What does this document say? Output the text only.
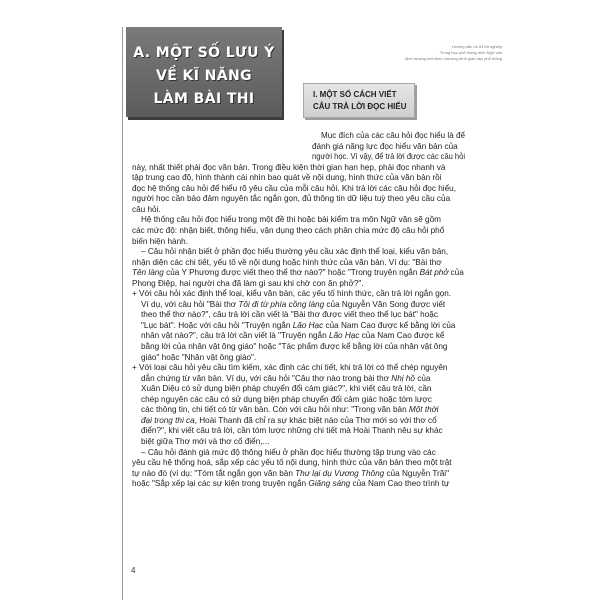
Hướng dẫn ôn thi tốt nghiệp
Trung học phổ thông môn Ngữ văn
định hướng mới theo chương trình giáo dục phổ thông
A. MỘT SỐ LƯU Ý
VỀ KĨ NĂNG
LÀM BÀI THI	I. MỘT SỐ CÁCH VIẾT
CÂU TRẢ LỜI ĐỌC HIỂU
Mục đích của các câu hỏi đọc hiểu là để
đánh giá năng lực đọc hiểu văn bản của
người học. Vì vậy, để trả lời được các câu hỏi
này, nhất thiết phải đọc văn bản. Trong điều kiện thời gian hạn hẹp, phải đọc nhanh và
tập trung cao độ, hình thành cái nhìn bao quát về nội dung, hình thức của văn bản rồi
đọc hệ thống câu hỏi để hiểu rõ yêu cầu của mỗi câu hỏi. Khi trả lời các câu hỏi đọc hiểu,
người học cần bảo đảm nguyên tắc ngắn gọn, đủ thông tin dữ liệu tuỳ theo yêu cầu của
câu hỏi.
Hệ thống câu hỏi đọc hiểu trong một đề thi hoặc bài kiểm tra môn Ngữ văn sẽ gồm
các mức độ: nhận biết, thông hiểu, vận dụng theo cách phân chia mức độ câu hỏi phổ
biến hiện hành.
– Câu hỏi nhận biết ở phần đọc hiểu thường yêu cầu xác định thể loại, kiểu văn bản,
nhận diện các chi tiết, yếu tố về nội dung hoặc hình thức của văn bản. Ví dụ: "Bài thơ
Tên làng của Y Phương được viết theo thể thơ nào?" hoặc "Trong truyện ngắn Bát phở của
Phong Điệp, hai người cha đã làm gì sau khi chờ con ăn phở?".
+ Với câu hỏi xác định thể loại, kiểu văn bản, các yếu tố hình thức, cần trả lời ngắn gọn.
Ví dụ, với câu hỏi "Bài thơ Tôi đi từ phía cồng làng của Nguyễn Văn Song được viết
theo thể thơ nào?", câu trả lời cần viết là "Bài thơ được viết theo thể lục bát" hoặc
"Lục bát". Hoặc với câu hỏi "Truyện ngắn Lão Hạc của Nam Cao được kể bằng lời của
nhân vật nào?", câu trả lời cần viết là "Truyện ngắn Lão Hạc của Nam Cao được kể
bằng lời của nhân vật ông giáo" hoặc "Tác phẩm được kể bằng lời của nhân vật ông
giáo" hoặc "Nhân vật ông giáo".
+ Với loại câu hỏi yêu cầu tìm kiếm, xác định các chi tiết, khi trả lời có thể chép nguyên
dẫn chứng từ văn bản. Ví dụ, với câu hỏi "Câu thơ nào trong bài thơ Nhị hồ của
Xuân Diệu có sử dụng biện pháp chuyển đổi cảm giác?", khi viết câu trả lời, cần
chép nguyên các câu có sử dụng biện pháp chuyển đổi cảm giác hoặc tóm lược
các thông tin, chi tiết có từ văn bản. Còn với câu hỏi như: "Trong văn bản Một thời
đại trong thi ca, Hoài Thanh đã chỉ ra sự khác biệt nào của Thơ mới so với thơ cổ
điển?", khi viết câu trả lời, cần tóm lược những chi tiết mà Hoài Thanh nêu sự khác
biệt giữa Thơ mới và thơ cổ điển,...
– Câu hỏi đánh giá mức độ thông hiểu ở phần đọc hiểu thường tập trung vào các
yêu cầu hệ thống hoá, sắp xếp các yếu tố nội dung, hình thức của văn bản theo một trật
tự nào đó (ví dụ: "Tóm tắt ngắn gọn văn bản Thư lại dụ Vương Thông của Nguyễn Trãi"
hoặc "Sắp xếp lại các sự kiện trong truyện ngắn Giăng sáng của Nam Cao theo trình tự
4
